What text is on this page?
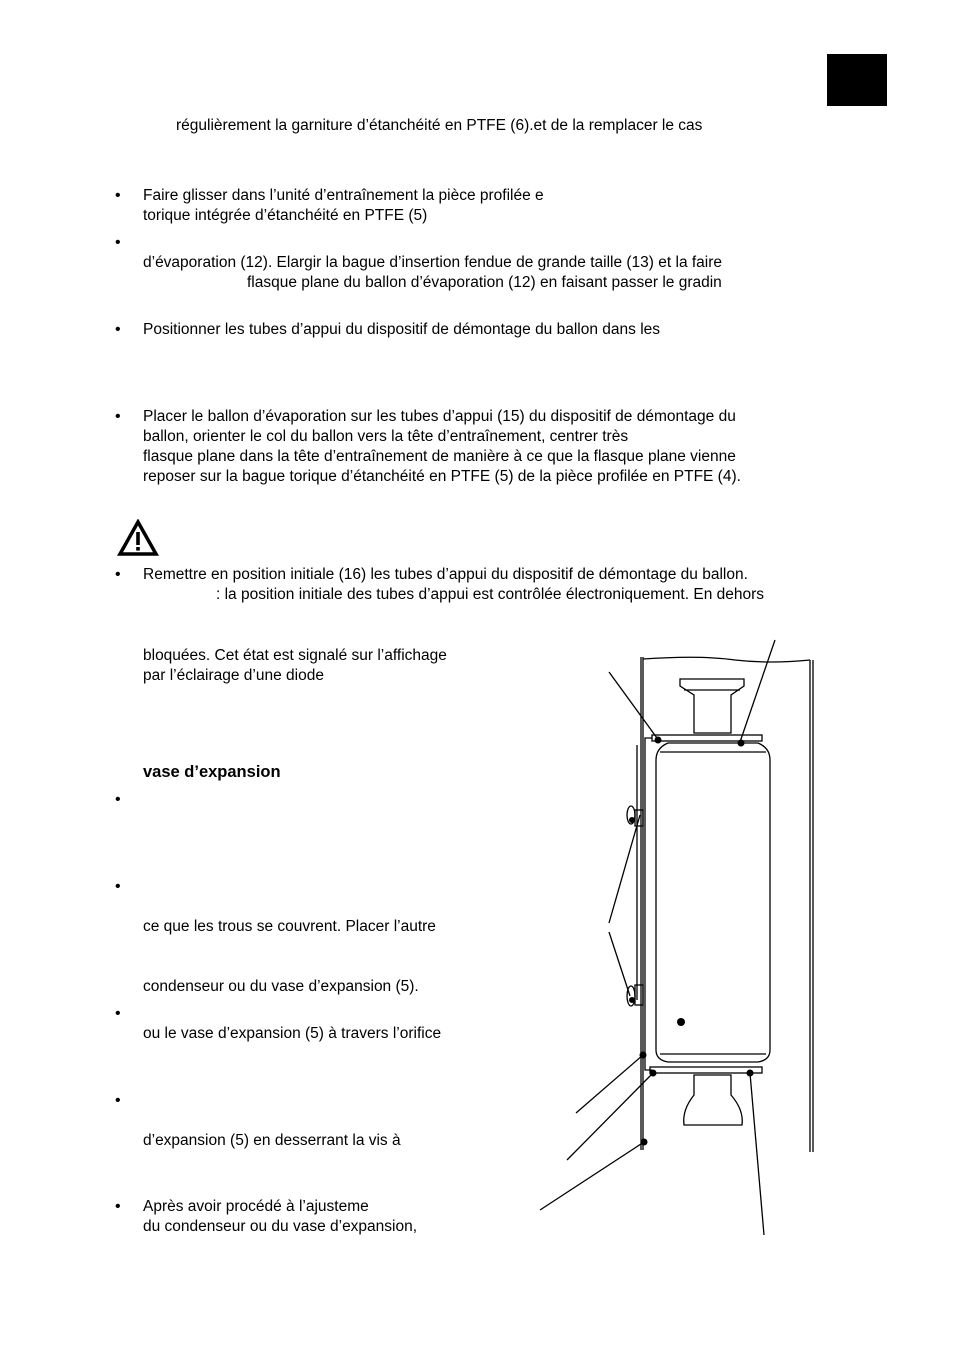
régulièrement la garniture d’étanchéité en PTFE (6).et de la remplacer le cas
• Faire glisser dans l’unité d’entraînement la pièce profilée e
torique intégrée d’étanchéité en PTFE (5)
•
d’évaporation (12). Elargir la bague d’insertion fendue de grande taille (13) et la faire
flasque plane du ballon d’évaporation (12) en faisant passer le gradin
• Positionner les tubes d’appui du dispositif de démontage du ballon dans les
• Placer le ballon d’évaporation sur les tubes d’appui (15) du dispositif de démontage du
ballon, orienter le col du ballon vers la tête d’entraînement, centrer très
flasque plane dans la tête d’entraînement de manière à ce que la flasque plane vienne
reposer sur la bague torique d’étanchéité en PTFE (5) de la pièce profilée en PTFE (4).
• Remettre en position initiale (16) les tubes d’appui du dispositif de démontage du ballon.
: la position initiale des tubes d’appui est contrôlée électroniquement. En dehors
bloquées. Cet état est signalé sur l’affichage
par l’éclairage d’une diode
vase d’expansion
•
•
ce que les trous se couvrent. Placer l’autre
condenseur ou du vase d’expansion (5).
•
ou le vase d’expansion (5) à travers l’orifice
•
d’expansion (5) en desserrant la vis à
• Après avoir procédé à l’ajusteme
du condenseur ou du vase d’expansion,
